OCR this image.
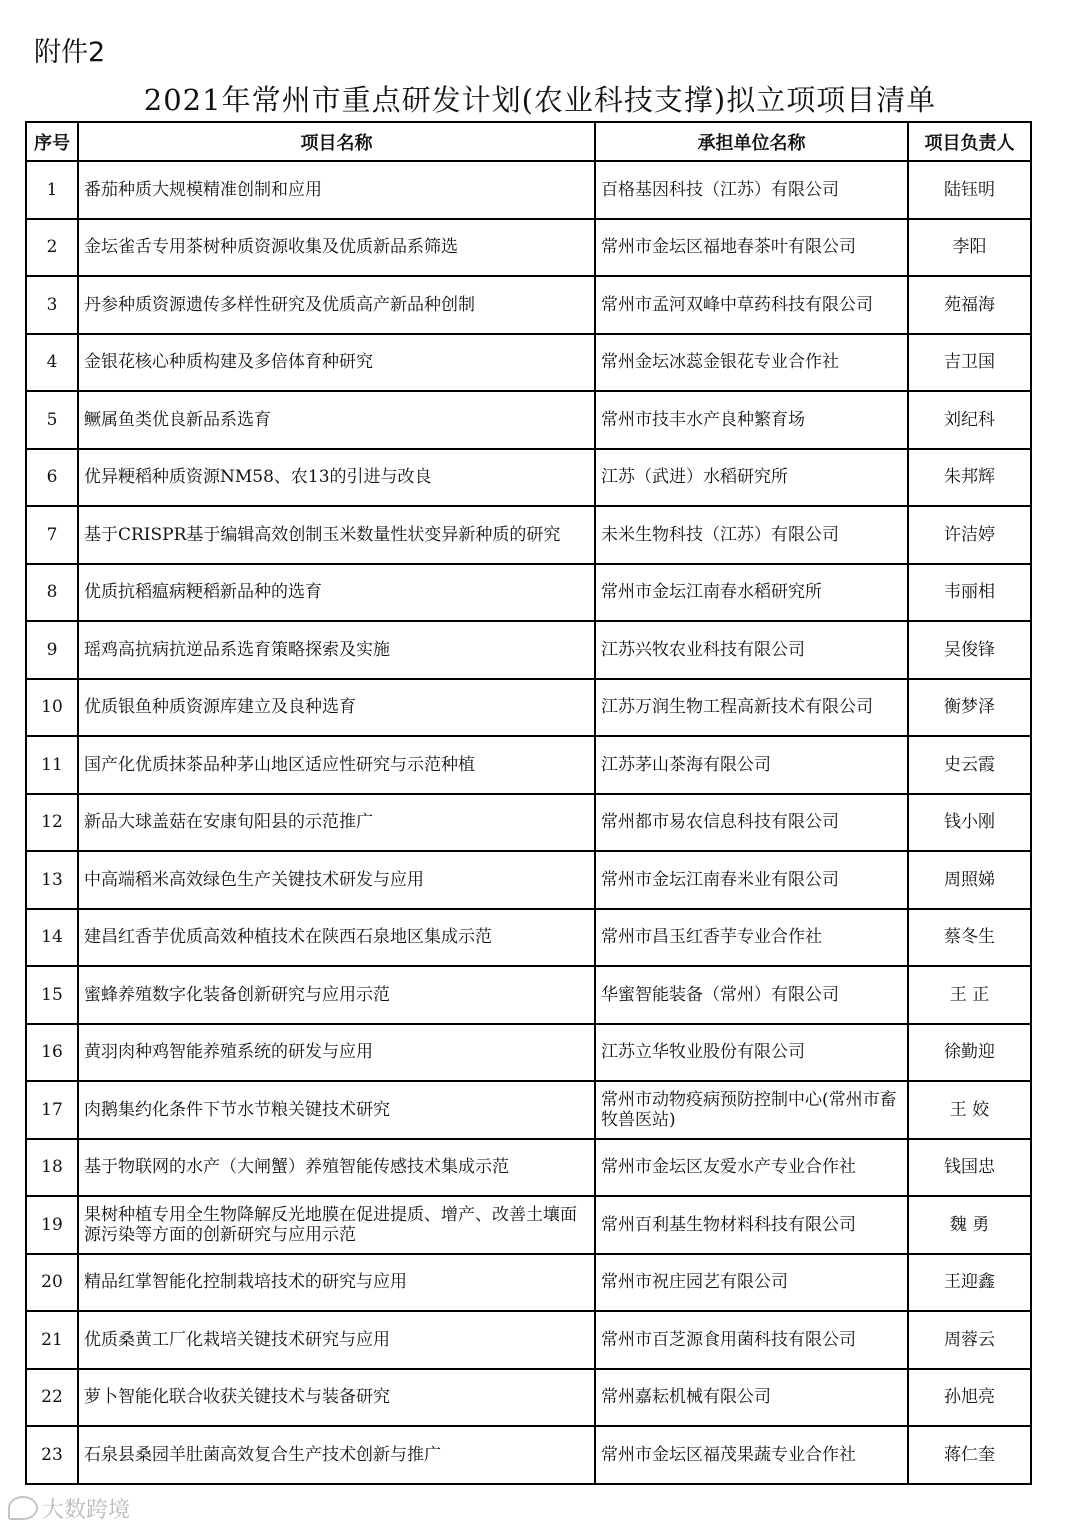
附件2
2021年常州市重点研发计划(农业科技支撑)拟立项项目清单
序号	项目名称	承担单位名称	项目负责人
1	番茄种质大规模精准创制和应用	百格基因科技（江苏）有限公司	陆钰明
2	金坛雀舌专用茶树种质资源收集及优质新品系筛选	常州市金坛区福地春茶叶有限公司	李阳
3	丹参种质资源遗传多样性研究及优质高产新品种创制	常州市孟河双峰中草药科技有限公司	苑福海
4	金银花核心种质构建及多倍体育种研究	常州金坛冰蕊金银花专业合作社	吉卫国
5	鳜属鱼类优良新品系选育	常州市技丰水产良种繁育场	刘纪科
6	优异粳稻种质资源NM58、农13的引进与改良	江苏（武进）水稻研究所	朱邦辉
7	基于CRISPR基于编辑高效创制玉米数量性状变异新种质的研究	未米生物科技（江苏）有限公司	许洁婷
8	优质抗稻瘟病粳稻新品种的选育	常州市金坛江南春水稻研究所	韦丽相
9	瑶鸡高抗病抗逆品系选育策略探索及实施	江苏兴牧农业科技有限公司	吴俊锋
10	优质银鱼种质资源库建立及良种选育	江苏万润生物工程高新技术有限公司	衡梦泽
11	国产化优质抹茶品种茅山地区适应性研究与示范种植	江苏茅山茶海有限公司	史云霞
12	新品大球盖菇在安康旬阳县的示范推广	常州都市易农信息科技有限公司	钱小刚
13	中高端稻米高效绿色生产关键技术研发与应用	常州市金坛江南春米业有限公司	周照娣
14	建昌红香芋优质高效种植技术在陕西石泉地区集成示范	常州市昌玉红香芋专业合作社	蔡冬生
15	蜜蜂养殖数字化装备创新研究与应用示范	华蜜智能装备（常州）有限公司	王 正
16	黄羽肉种鸡智能养殖系统的研发与应用	江苏立华牧业股份有限公司	徐勤迎
17	肉鹅集约化条件下节水节粮关键技术研究	常州市动物疫病预防控制中心(常州市畜牧兽医站)	王 姣
18	基于物联网的水产（大闸蟹）养殖智能传感技术集成示范	常州市金坛区友爱水产专业合作社	钱国忠
19	果树种植专用全生物降解反光地膜在促进提质、增产、改善土壤面源污染等方面的创新研究与应用示范	常州百利基生物材料科技有限公司	魏 勇
20	精品红掌智能化控制栽培技术的研究与应用	常州市祝庄园艺有限公司	王迎鑫
21	优质桑黄工厂化栽培关键技术研究与应用	常州市百芝源食用菌科技有限公司	周蓉云
22	萝卜智能化联合收获关键技术与装备研究	常州嘉耘机械有限公司	孙旭亮
23	石泉县桑园羊肚菌高效复合生产技术创新与推广	常州市金坛区福茂果蔬专业合作社	蒋仁奎
大数跨境
